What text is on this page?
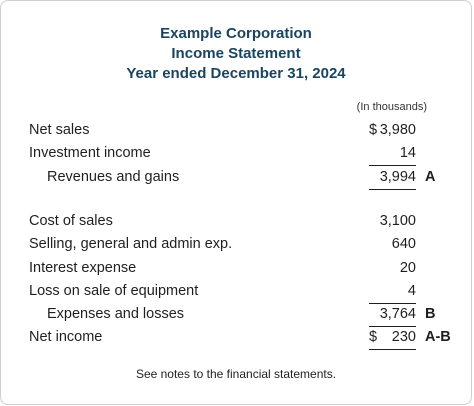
Example Corporation
Income Statement
Year ended December 31, 2024
(In thousands)
Net sales	$ 3,980
Investment income	14
Revenues and gains	3,994 A
Cost of sales	3,100
Selling, general and admin exp.	640
Interest expense	20
Loss on sale of equipment	4
Expenses and losses	3,764 B
Net income	$ 230 A-B
See notes to the financial statements.
